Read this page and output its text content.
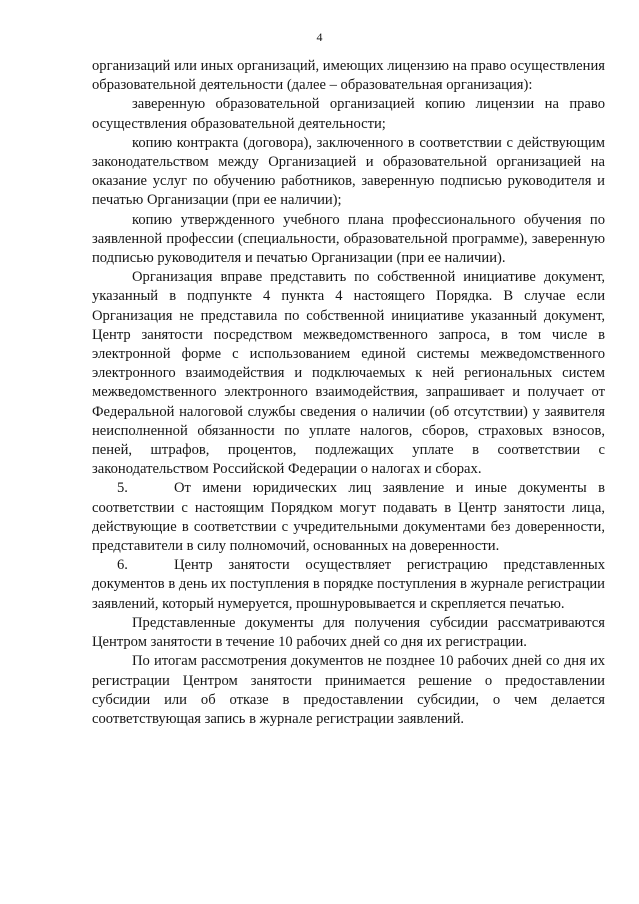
4

организаций или иных организаций, имеющих лицензию на право осуществления образовательной деятельности (далее – образовательная организация):

заверенную образовательной организацией копию лицензии на право осуществления образовательной деятельности;

копию контракта (договора), заключенного в соответствии с действующим законодательством между Организацией и образовательной организацией на оказание услуг по обучению работников, заверенную подписью руководителя и печатью Организации (при ее наличии);

копию утвержденного учебного плана профессионального обучения по заявленной профессии (специальности, образовательной программе), заверенную подписью руководителя и печатью Организации (при ее наличии).

Организация вправе представить по собственной инициативе документ, указанный в подпункте 4 пункта 4 настоящего Порядка. В случае если Организация не представила по собственной инициативе указанный документ, Центр занятости посредством межведомственного запроса, в том числе в электронной форме с использованием единой системы межведомственного электронного взаимодействия и подключаемых к ней региональных систем межведомственного электронного взаимодействия, запрашивает и получает от Федеральной налоговой службы сведения о наличии (об отсутствии) у заявителя неисполненной обязанности по уплате налогов, сборов, страховых взносов, пеней, штрафов, процентов, подлежащих уплате в соответствии с законодательством Российской Федерации о налогах и сборах.

5.	От имени юридических лиц заявление и иные документы в соответствии с настоящим Порядком могут подавать в Центр занятости лица, действующие в соответствии с учредительными документами без доверенности, представители в силу полномочий, основанных на доверенности.

6.	Центр занятости осуществляет регистрацию представленных документов в день их поступления в порядке поступления в журнале регистрации заявлений, который нумеруется, прошнуровывается и скрепляется печатью.

Представленные документы для получения субсидии рассматриваются Центром занятости в течение 10 рабочих дней со дня их регистрации.

По итогам рассмотрения документов не позднее 10 рабочих дней со дня их регистрации Центром занятости принимается решение о предоставлении субсидии или об отказе в предоставлении субсидии, о чем делается соответствующая запись в журнале регистрации заявлений.
